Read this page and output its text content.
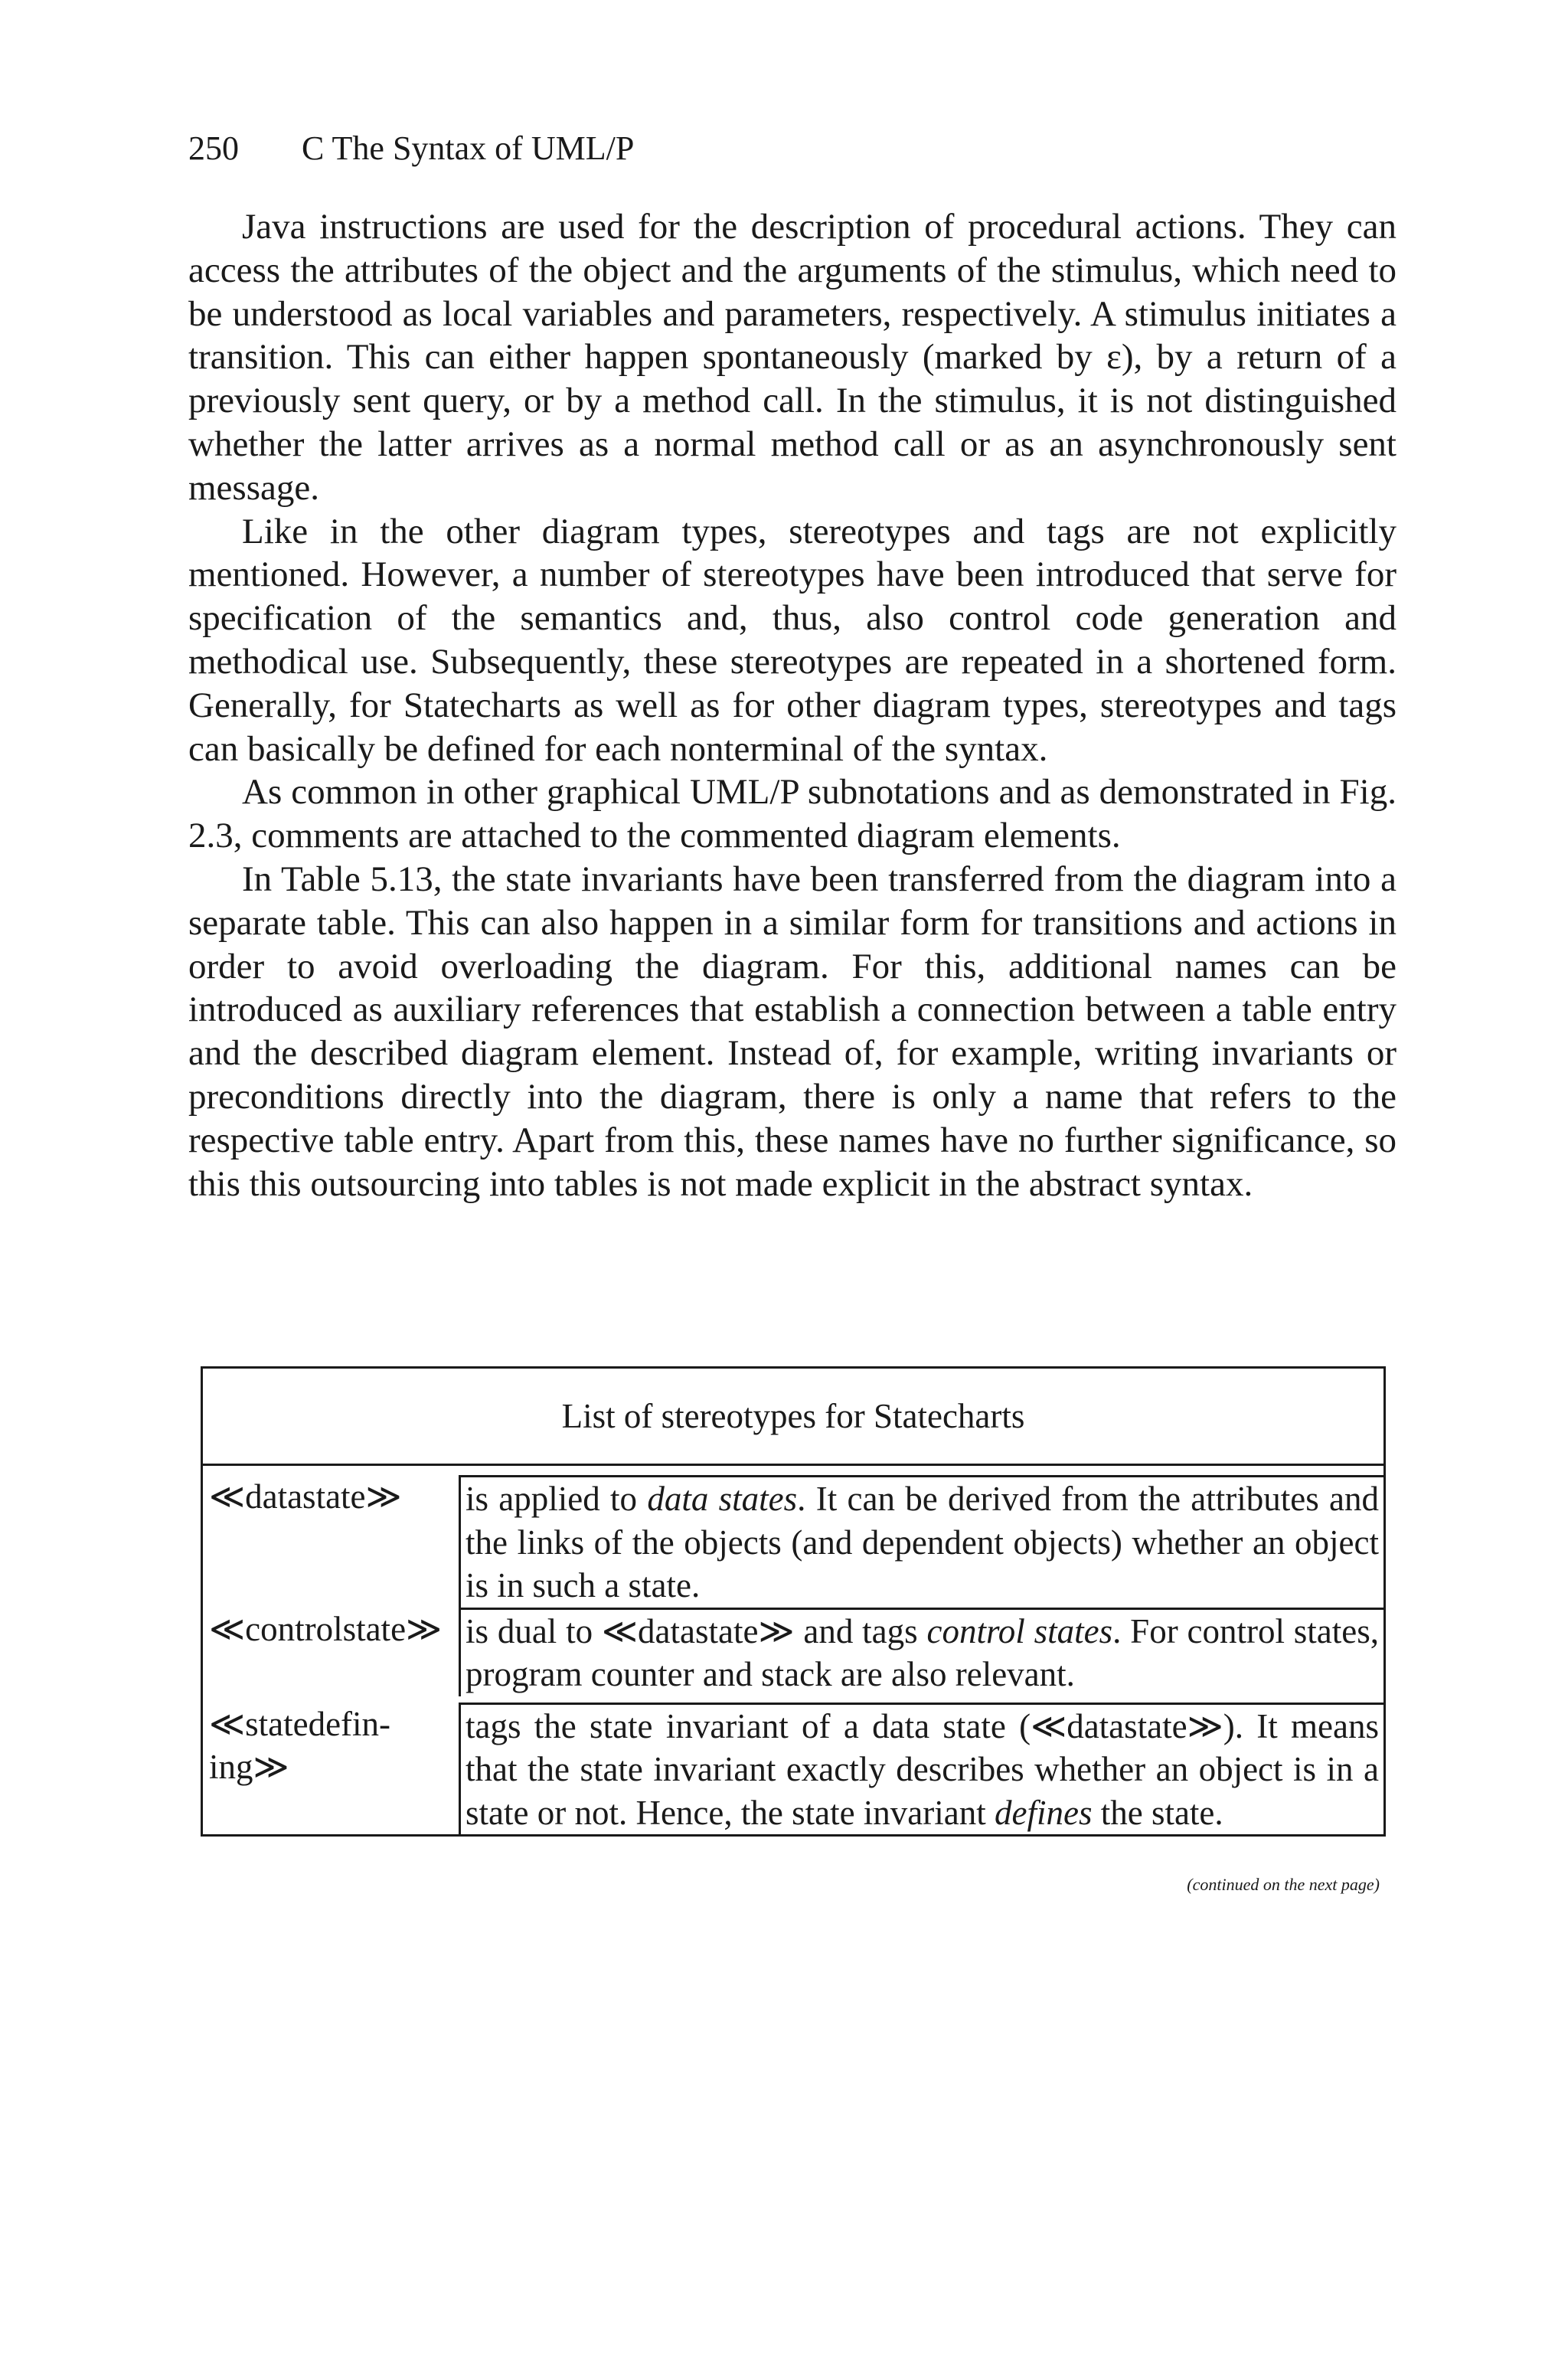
250 C The Syntax of UML/P

Java instructions are used for the description of procedural actions. They can access the attributes of the object and the arguments of the stimulus, which need to be understood as local variables and parameters, respectively. A stimulus initiates a transition. This can either happen spontaneously (marked by ε), by a return of a previously sent query, or by a method call. In the stimulus, it is not distinguished whether the latter arrives as a normal method call or as an asynchronously sent message.

Like in the other diagram types, stereotypes and tags are not explicitly mentioned. However, a number of stereotypes have been introduced that serve for specification of the semantics and, thus, also control code generation and methodical use. Subsequently, these stereotypes are repeated in a shortened form. Generally, for Statecharts as well as for other diagram types, stereotypes and tags can basically be defined for each nonterminal of the syntax.

As common in other graphical UML/P subnotations and as demonstrated in Fig. 2.3, comments are attached to the commented diagram elements.

In Table 5.13, the state invariants have been transferred from the diagram into a separate table. This can also happen in a similar form for transitions and actions in order to avoid overloading the diagram. For this, additional names can be introduced as auxiliary references that establish a connection between a table entry and the described diagram element. Instead of, for example, writing invariants or preconditions directly into the diagram, there is only a name that refers to the respective table entry. Apart from this, these names have no further significance, so this this outsourcing into tables is not made explicit in the abstract syntax.

List of stereotypes for Statecharts
≪datastate≫	is applied to data states. It can be derived from the attributes and the links of the objects (and dependent objects) whether an object is in such a state.
≪controlstate≫ is dual to ≪datastate≫ and tags control states. For control states, program counter and stack are also relevant.
≪statedefining≫
tags the state invariant of a data state (≪datastate≫). It means that the state invariant exactly describes whether an object is in a state or not. Hence, the state invariant defines the state.
(continued on the next page)
